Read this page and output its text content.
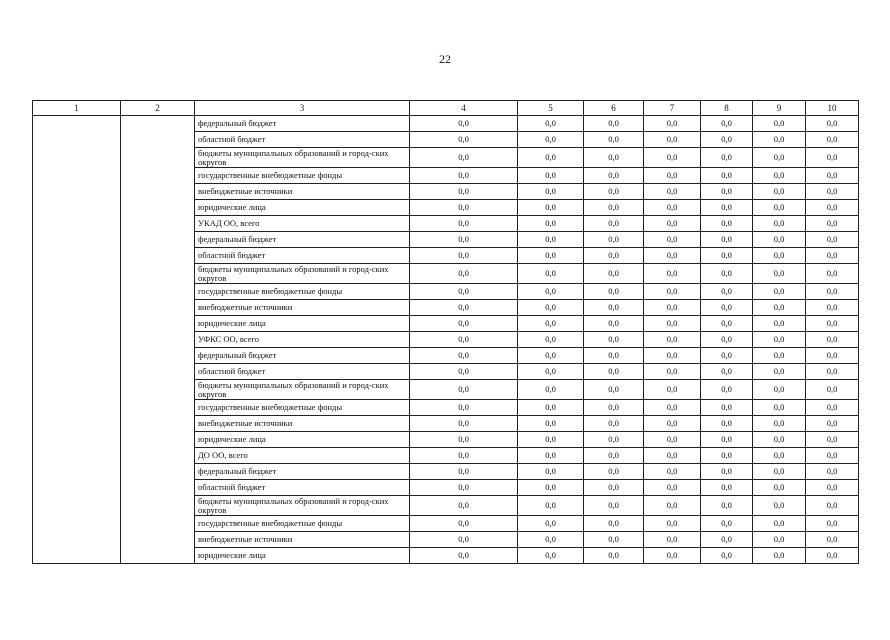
22
1	2	3	4	5	6	7	8	9	10
		федеральный бюджет	0,0	0,0	0,0	0,0	0,0	0,0	0,0
		областной бюджет	0,0	0,0	0,0	0,0	0,0	0,0	0,0
		бюджеты муниципальных образований и город-ских округов	0,0	0,0	0,0	0,0	0,0	0,0	0,0
		государственные внебюджетные фонды	0,0	0,0	0,0	0,0	0,0	0,0	0,0
		внебюджетные источники	0,0	0,0	0,0	0,0	0,0	0,0	0,0
		юридические лица	0,0	0,0	0,0	0,0	0,0	0,0	0,0
		УКАД ОО, всего	0,0	0,0	0,0	0,0	0,0	0,0	0,0
		федеральный бюджет	0,0	0,0	0,0	0,0	0,0	0,0	0,0
		областной бюджет	0,0	0,0	0,0	0,0	0,0	0,0	0,0
		бюджеты муниципальных образований и город-ских округов	0,0	0,0	0,0	0,0	0,0	0,0	0,0
		государственные внебюджетные фонды	0,0	0,0	0,0	0,0	0,0	0,0	0,0
		внебюджетные источники	0,0	0,0	0,0	0,0	0,0	0,0	0,0
		юридические лица	0,0	0,0	0,0	0,0	0,0	0,0	0,0
		УФКС ОО, всего	0,0	0,0	0,0	0,0	0,0	0,0	0,0
		федеральный бюджет	0,0	0,0	0,0	0,0	0,0	0,0	0,0
		областной бюджет	0,0	0,0	0,0	0,0	0,0	0,0	0,0
		бюджеты муниципальных образований и город-ских округов	0,0	0,0	0,0	0,0	0,0	0,0	0,0
		государственные внебюджетные фонды	0,0	0,0	0,0	0,0	0,0	0,0	0,0
		внебюджетные источники	0,0	0,0	0,0	0,0	0,0	0,0	0,0
		юридические лица	0,0	0,0	0,0	0,0	0,0	0,0	0,0
		ДО ОО, всего	0,0	0,0	0,0	0,0	0,0	0,0	0,0
		федеральный бюджет	0,0	0,0	0,0	0,0	0,0	0,0	0,0
		областной бюджет	0,0	0,0	0,0	0,0	0,0	0,0	0,0
		бюджеты муниципальных образований и город-ских округов	0,0	0,0	0,0	0,0	0,0	0,0	0,0
		государственные внебюджетные фонды	0,0	0,0	0,0	0,0	0,0	0,0	0,0
		внебюджетные источники	0,0	0,0	0,0	0,0	0,0	0,0	0,0
		юридические лица	0,0	0,0	0,0	0,0	0,0	0,0	0,0
